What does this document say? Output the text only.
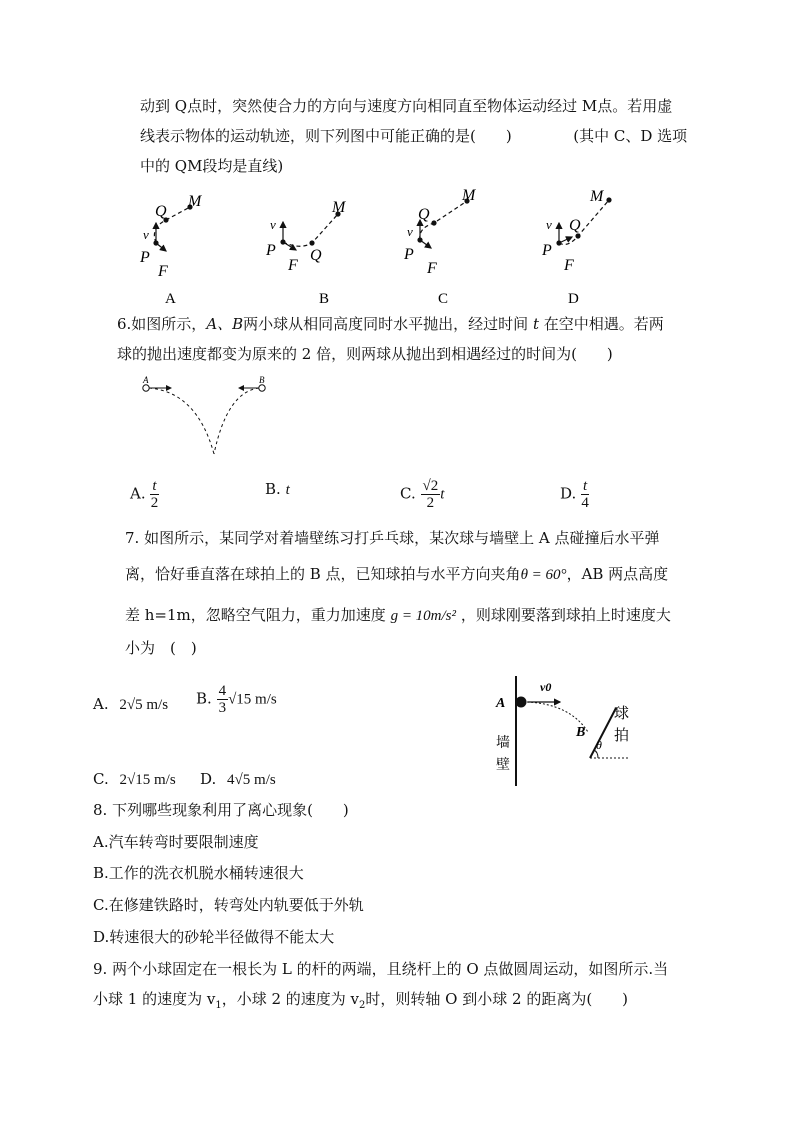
动到 Q点时，突然使合力的方向与速度方向相同直至物体运动经过 M点。若用虚
线表示物体的运动轨迹，则下列图中可能正确的是(　　)	(其中 C、D 选项
中的 QM段均是直线)
Q
M
v
P
F
A
M
v
P
F
Q
B
Q
M
v
P
F
C
M
Q
v
P
F
D
6.如图所示，A、B两小球从相同高度同时水平抛出，经过时间 t 在空中相遇。若两
球的抛出速度都变为原来的 2 倍，则两球从抛出到相遇经过的时间为(　　)
A	B
A. $\frac{t}{2}$	B. t	C. $\frac{√2}{2}$ t	D. $\frac{t}{4}$
7. 如图所示，某同学对着墙壁练习打乒乓球，某次球与墙壁上 A 点碰撞后水平弹
离，恰好垂直落在球拍上的 B 点，已知球拍与水平方向夹角θ = 60°，AB 两点高度
差 h=1m，忽略空气阻力，重力加速度 g = 10m/s² ，则球刚要落到球拍上时速度大
小为　(　)
A. 2√5 m/s B. $\frac{4}{3} √15$ m/s
C. 2√15 m/s D. 4√5 m/s
A
v0
B
θ
墙
壁
球
拍
8. 下列哪些现象利用了离心现象(　　)
A.汽车转弯时要限制速度
B.工作的洗衣机脱水桶转速很大
C.在修建铁路时，转弯处内轨要低于外轨
D.转速很大的砂轮半径做得不能太大
9. 两个小球固定在一根长为 L 的杆的两端，且绕杆上的 O 点做圆周运动，如图所示.当
小球 1 的速度为 $v_1$，小球 2 的速度为 $v_2$时，则转轴 O 到小球 2 的距离为(　　)
